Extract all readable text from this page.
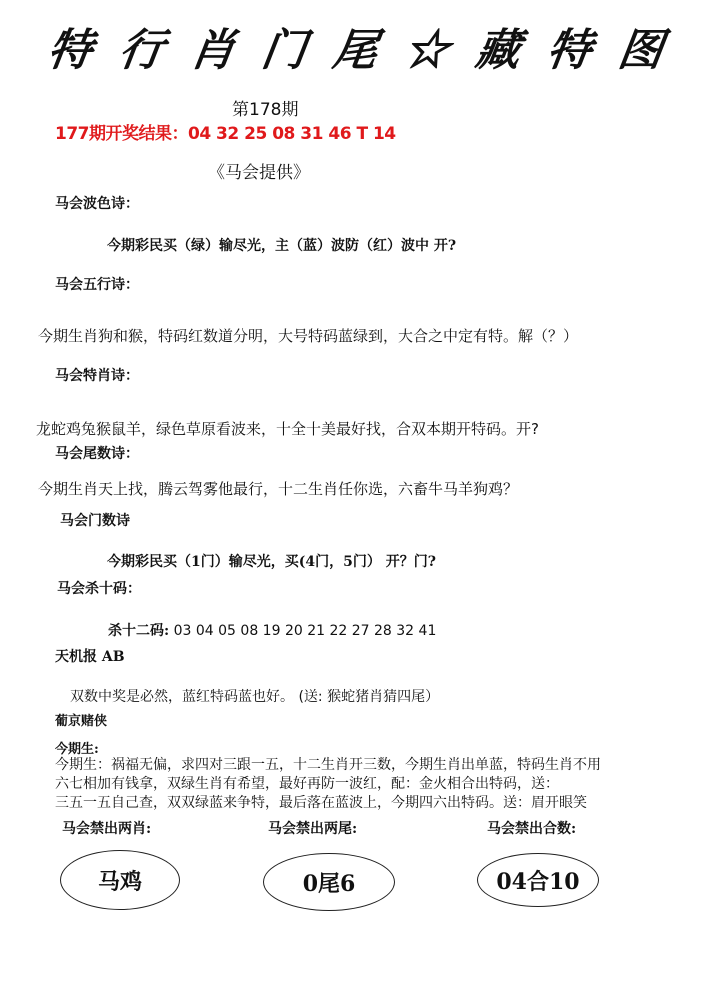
特 行 肖 门 尾 ☆ 藏 特 图
第178期
177期开奖结果：04 32 25 08 31 46 T 14
《马会提供》
马会波色诗：
今期彩民买（绿）输尽光，主（蓝）波防（红）波中 开?
马会五行诗：
今期生肖狗和猴，特码红数道分明，大号特码蓝绿到，大合之中定有特。解（？）
马会特肖诗：
龙蛇鸡兔猴鼠羊，绿色草原看波来，十全十美最好找，合双本期开特码。开?
马会尾数诗：
今期生肖天上找，腾云驾雾他最行，十二生肖任你选，六畜牛马羊狗鸡？
马会门数诗
今期彩民买（1门）输尽光，买(4门，5门） 开？门?
马会杀十码：
杀十二码: 03 04 05 08 19 20 21 22 27 28 32 41
天机报 AB
双数中奖是必然，蓝红特码蓝也好。 (送: 猴蛇猪肖猜四尾）
葡京赌侠
今期生:
今期生：祸福无偏，求四对三跟一五，十二生肖开三数，今期生肖出单蓝，特码生肖不用
六七相加有钱拿，双绿生肖有希望，最好再防一波红，配：金火相合出特码，送：
三五一五自己查，双双绿蓝来争特，最后落在蓝波上，今期四六出特码。送：眉开眼笑
马会禁出两肖:	马会禁出两尾:	马会禁出合数:
马鸡	0尾6	04合10
